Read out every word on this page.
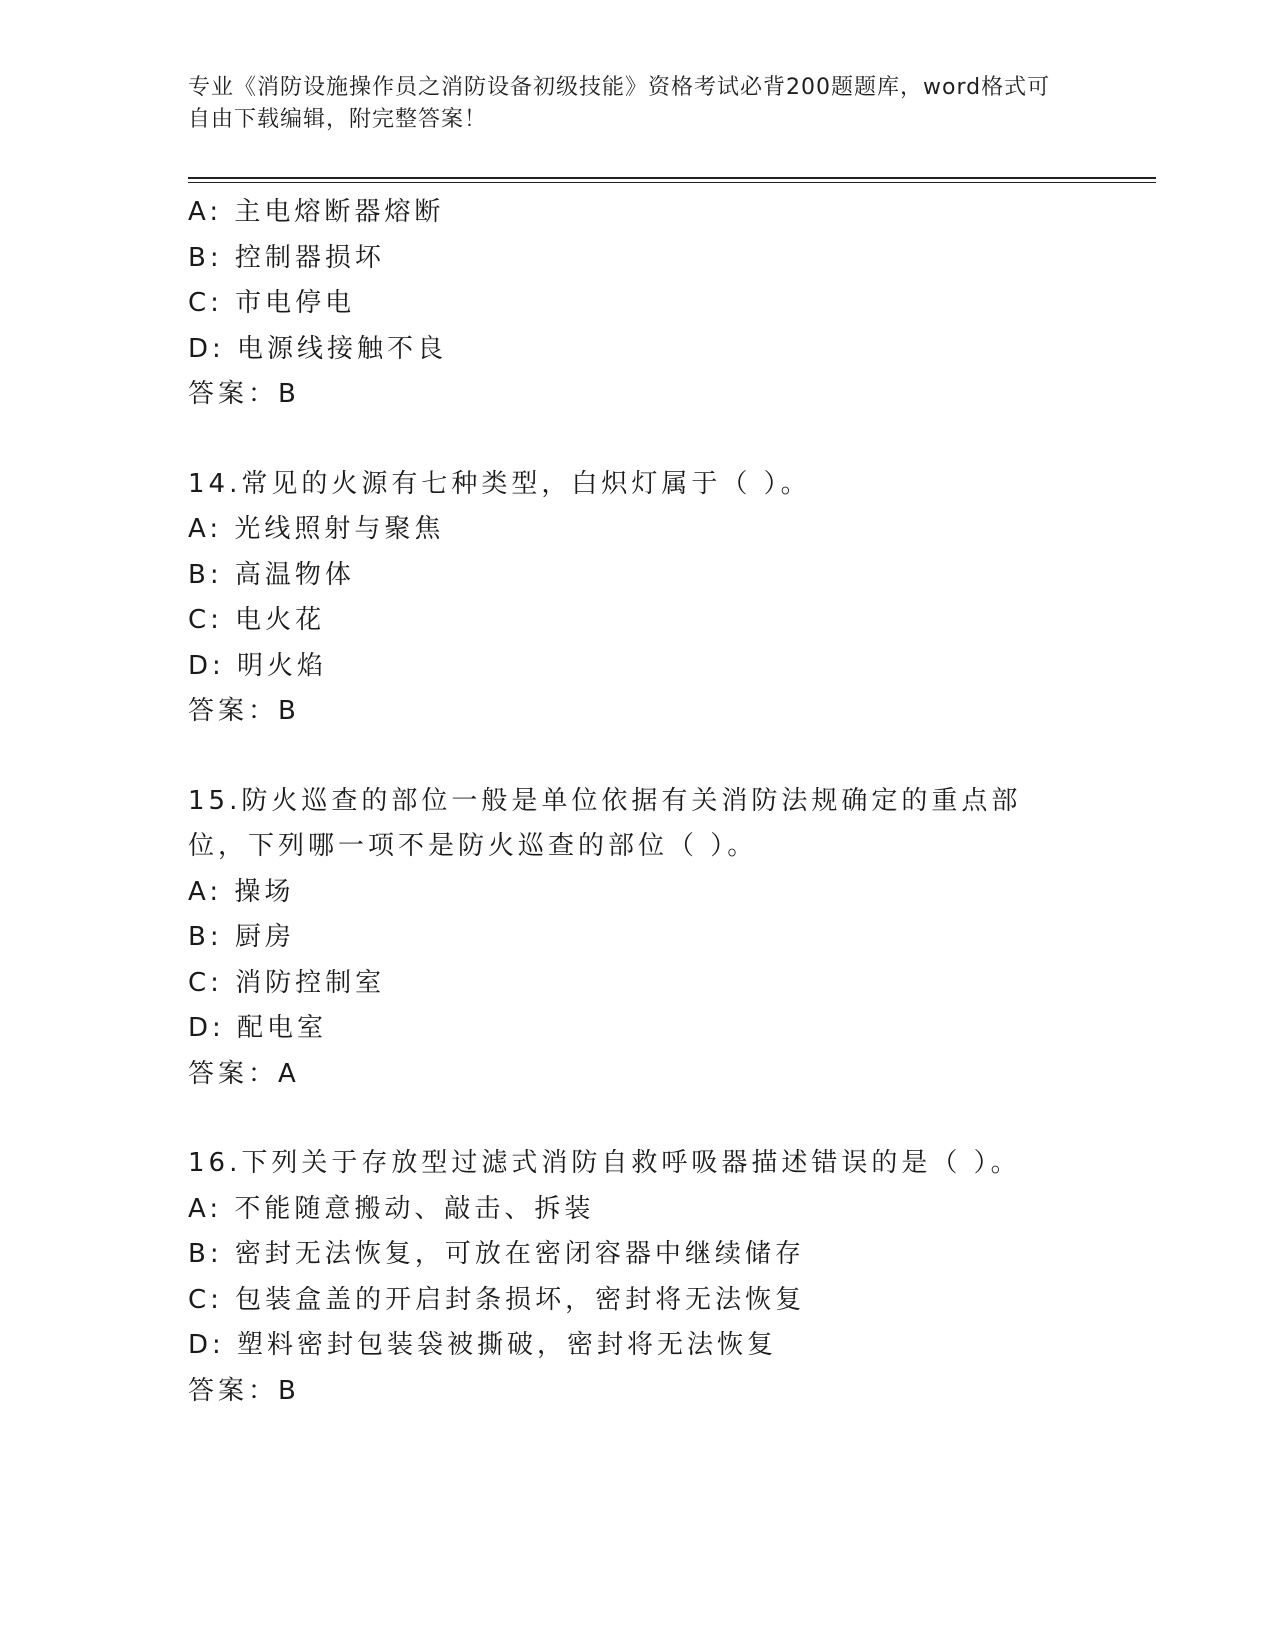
专业《消防设施操作员之消防设备初级技能》资格考试必背200题题库，word格式可自由下载编辑，附完整答案！
A: 主电熔断器熔断
B: 控制器损坏
C: 市电停电
D: 电源线接触不良
答案：B
14.常见的火源有七种类型，白炽灯属于（ ）。
A: 光线照射与聚焦
B: 高温物体
C: 电火花
D: 明火焰
答案：B
15.防火巡查的部位一般是单位依据有关消防法规确定的重点部位，下列哪一项不是防火巡查的部位（ ）。
A: 操场
B: 厨房
C: 消防控制室
D: 配电室
答案：A
16.下列关于存放型过滤式消防自救呼吸器描述错误的是（ ）。
A: 不能随意搬动、敲击、拆装
B: 密封无法恢复，可放在密闭容器中继续储存
C: 包装盒盖的开启封条损坏，密封将无法恢复
D: 塑料密封包装袋被撕破，密封将无法恢复
答案：B
